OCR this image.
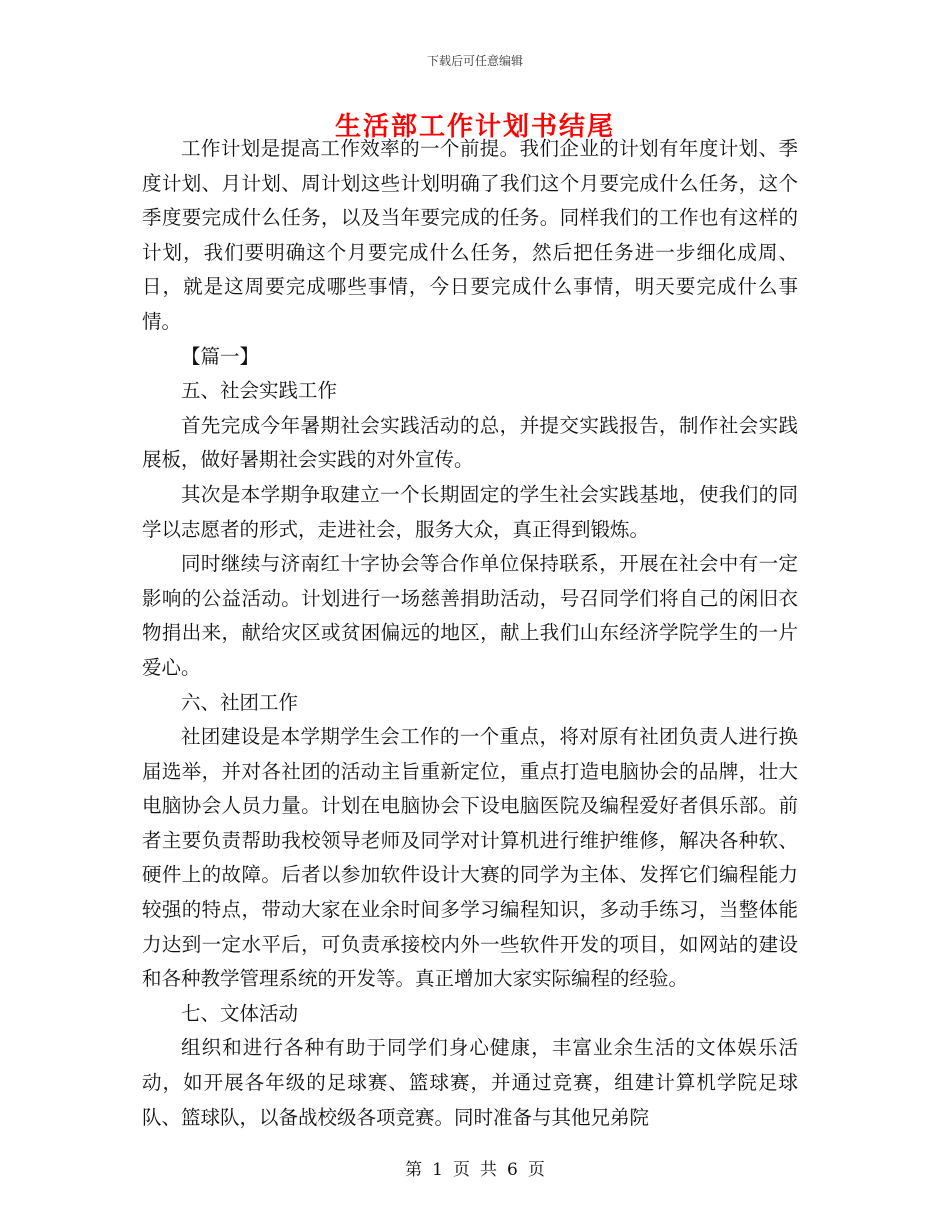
下载后可任意编辑
生活部工作计划书结尾

工作计划是提高工作效率的一个前提。我们企业的计划有年度计划、季度计划、月计划、周计划这些计划明确了我们这个月要完成什么任务，这个季度要完成什么任务，以及当年要完成的任务。同样我们的工作也有这样的计划，我们要明确这个月要完成什么任务，然后把任务进一步细化成周、日，就是这周要完成哪些事情，今日要完成什么事情，明天要完成什么事情。

【篇一】

五、社会实践工作

首先完成今年暑期社会实践活动的总，并提交实践报告，制作社会实践展板，做好暑期社会实践的对外宣传。

其次是本学期争取建立一个长期固定的学生社会实践基地，使我们的同学以志愿者的形式，走进社会，服务大众，真正得到锻炼。

同时继续与济南红十字协会等合作单位保持联系，开展在社会中有一定影响的公益活动。计划进行一场慈善捐助活动，号召同学们将自己的闲旧衣物捐出来，献给灾区或贫困偏远的地区，献上我们山东经济学院学生的一片爱心。

六、社团工作

社团建设是本学期学生会工作的一个重点，将对原有社团负责人进行换届选举，并对各社团的活动主旨重新定位，重点打造电脑协会的品牌，壮大电脑协会人员力量。计划在电脑协会下设电脑医院及编程爱好者俱乐部。前者主要负责帮助我校领导老师及同学对计算机进行维护维修，解决各种软、硬件上的故障。后者以参加软件设计大赛的同学为主体、发挥它们编程能力较强的特点，带动大家在业余时间多学习编程知识，多动手练习，当整体能力达到一定水平后，可负责承接校内外一些软件开发的项目，如网站的建设和各种教学管理系统的开发等。真正增加大家实际编程的经验。

七、文体活动

组织和进行各种有助于同学们身心健康，丰富业余生活的文体娱乐活动，如开展各年级的足球赛、篮球赛，并通过竞赛，组建计算机学院足球队、篮球队，以备战校级各项竞赛。同时准备与其他兄弟院

第 1 页 共 6 页
